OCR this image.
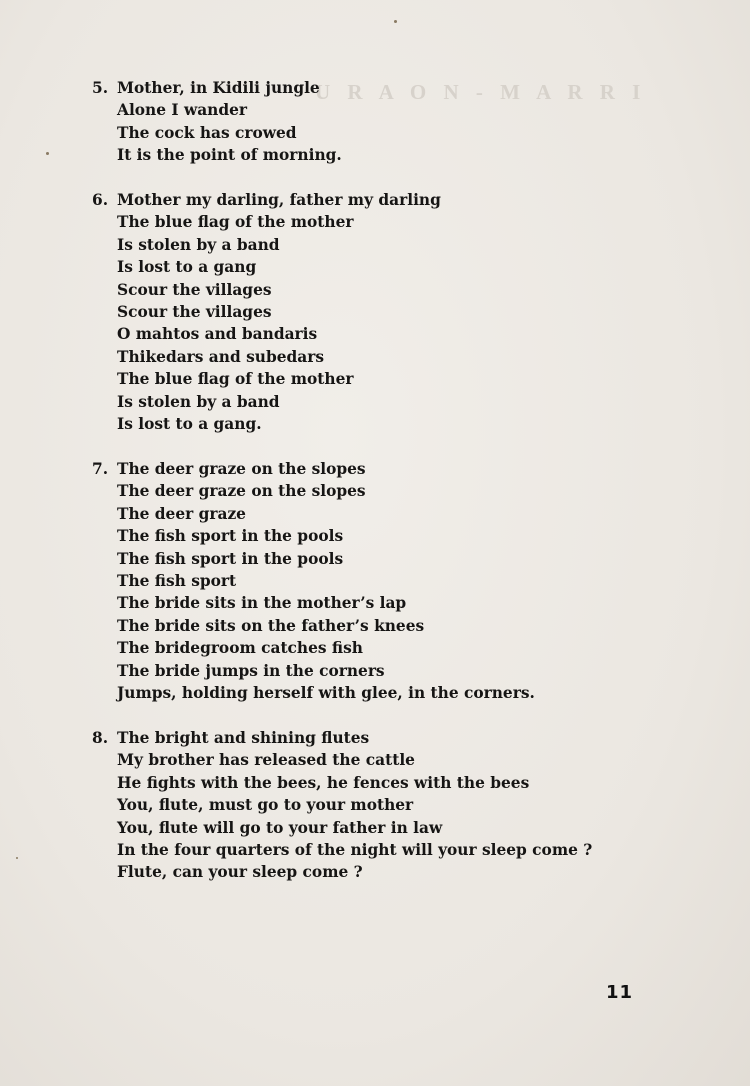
U R A O N - M A R R I
5. Mother, in Kidili jungle
Alone I wander
The cock has crowed
It is the point of morning.
6. Mother my darling, father my darling
The blue flag of the mother
Is stolen by a band
Is lost to a gang
Scour the villages
Scour the villages
O mahtos and bandaris
Thikedars and subedars
The blue flag of the mother
Is stolen by a band
Is lost to a gang.
7. The deer graze on the slopes
The deer graze on the slopes
The deer graze
The fish sport in the pools
The fish sport in the pools
The fish sport
The bride sits in the mother’s lap
The bride sits on the father’s knees
The bridegroom catches fish
The bride jumps in the corners
Jumps, holding herself with glee, in the corners.
8. The bright and shining flutes
My brother has released the cattle
He fights with the bees, he fences with the bees
You, flute, must go to your mother
You, flute will go to your father in law
In the four quarters of the night will your sleep come ?
Flute, can your sleep come ?
11
